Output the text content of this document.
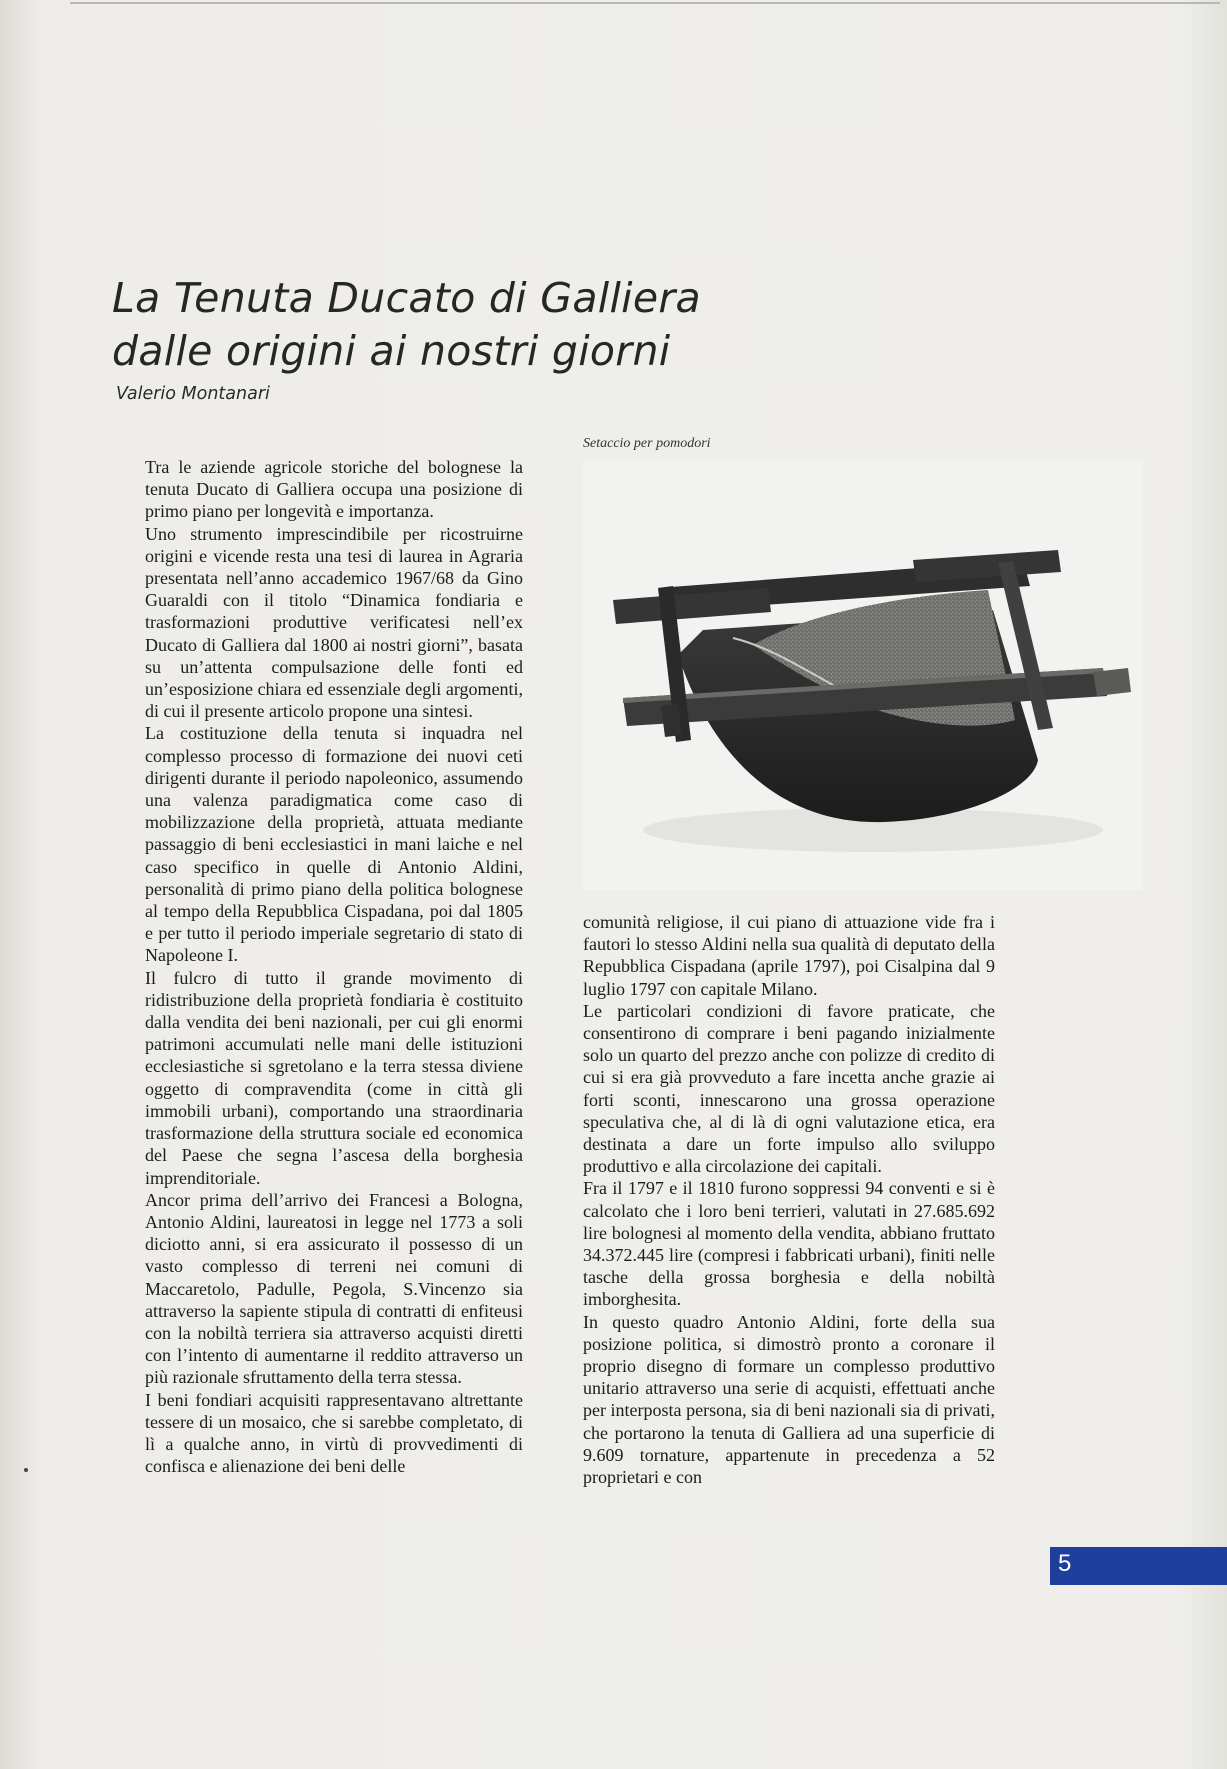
La Tenuta Ducato di Galliera
dalle origini ai nostri giorni
Valerio Montanari
Setaccio per pomodori

Tra le aziende agricole storiche del bolognese la tenuta Ducato di Galliera occupa una posizione di primo piano per longevità e importanza.

Uno strumento imprescindibile per ricostruirne origini e vicende resta una tesi di laurea in Agraria presentata nell’anno accademico 1967/68 da Gino Guaraldi con il titolo “Dinamica fondiaria e trasformazioni produttive verificatesi nell’ex Ducato di Galliera dal 1800 ai nostri giorni”, basata su un’attenta compulsazione delle fonti ed un’esposizione chiara ed essenziale degli argomenti, di cui il presente articolo propone una sintesi.

La costituzione della tenuta si inquadra nel complesso processo di formazione dei nuovi ceti dirigenti durante il periodo napoleonico, assumendo una valenza paradigmatica come caso di mobilizzazione della proprietà, attuata mediante passaggio di beni ecclesiastici in mani laiche e nel caso specifico in quelle di Antonio Aldini, personalità di primo piano della politica bolognese al tempo della Repubblica Cispadana, poi dal 1805 e per tutto il periodo imperiale segretario di stato di Napoleone I.

Il fulcro di tutto il grande movimento di ridistribuzione della proprietà fondiaria è costituito dalla vendita dei beni nazionali, per cui gli enormi patrimoni accumulati nelle mani delle istituzioni ecclesiastiche si sgretolano e la terra stessa diviene oggetto di compravendita (come in città gli immobili urbani), comportando una straordinaria trasformazione della struttura sociale ed economica del Paese che segna l’ascesa della borghesia imprenditoriale.

Ancor prima dell’arrivo dei Francesi a Bologna, Antonio Aldini, laureatosi in legge nel 1773 a soli diciotto anni, si era assicurato il possesso di un vasto complesso di terreni nei comuni di Maccaretolo, Padulle, Pegola, S.Vincenzo sia attraverso la sapiente stipula di contratti di enfiteusi con la nobiltà terriera sia attraverso acquisti diretti con l’intento di aumentarne il reddito attraverso un più razionale sfruttamento della terra stessa.

I beni fondiari acquisiti rappresentavano altrettante tessere di un mosaico, che si sarebbe completato, di lì a qualche anno, in virtù di provvedimenti di confisca e alienazione dei beni delle

comunità religiose, il cui piano di attuazione vide fra i fautori lo stesso Aldini nella sua qualità di deputato della Repubblica Cispadana (aprile 1797), poi Cisalpina dal 9 luglio 1797 con capitale Milano.

Le particolari condizioni di favore praticate, che consentirono di comprare i beni pagando inizialmente solo un quarto del prezzo anche con polizze di credito di cui si era già provveduto a fare incetta anche grazie ai forti sconti, innescarono una grossa operazione speculativa che, al di là di ogni valutazione etica, era destinata a dare un forte impulso allo sviluppo produttivo e alla circolazione dei capitali.

Fra il 1797 e il 1810 furono soppressi 94 conventi e si è calcolato che i loro beni terrieri, valutati in 27.685.692 lire bolognesi al momento della vendita, abbiano fruttato 34.372.445 lire (compresi i fabbricati urbani), finiti nelle tasche della grossa borghesia e della nobiltà imborghesita.

In questo quadro Antonio Aldini, forte della sua posizione politica, si dimostrò pronto a coronare il proprio disegno di formare un complesso produttivo unitario attraverso una serie di acquisti, effettuati anche per interposta persona, sia di beni nazionali sia di privati, che portarono la tenuta di Galliera ad una superficie di 9.609 tornature, appartenute in precedenza a 52 proprietari e con

5
